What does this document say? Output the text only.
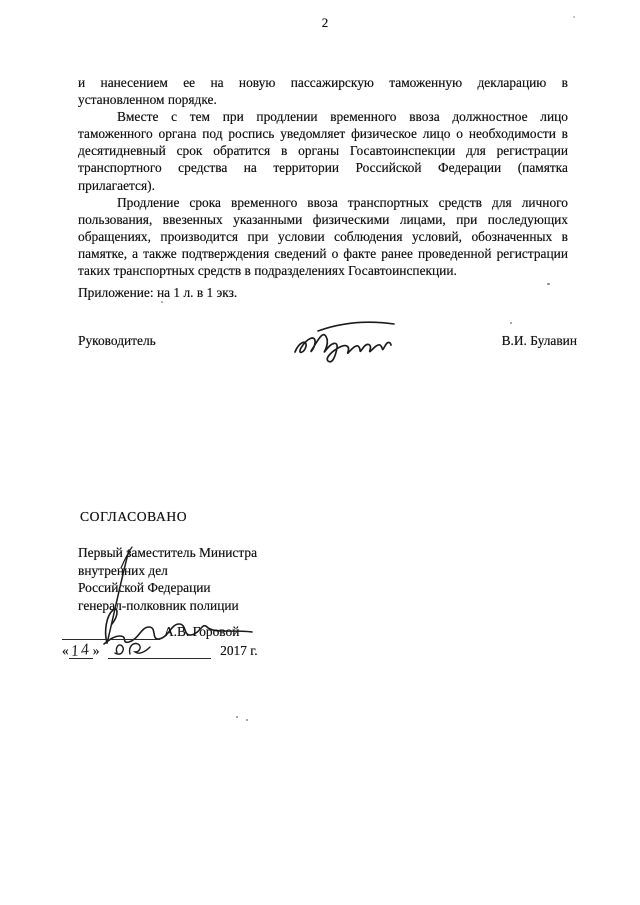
2
и нанесением ее на новую пассажирскую таможенную декларацию в
установленном порядке.
Вместе с тем при продлении временного ввоза должностное лицо
таможенного органа под роспись уведомляет физическое лицо о необходимости в
десятидневный срок обратится в органы Госавтоинспекции для регистрации
транспортного средства на территории Российской Федерации (памятка
прилагается).
Продление срока временного ввоза транспортных средств для личного
пользования, ввезенных указанными физическими лицами, при последующих
обращениях, производится при условии соблюдения условий, обозначенных в
памятке, а также подтверждения сведений о факте ранее проведенной регистрации
таких транспортных средств в подразделениях Госавтоинспекции.
Приложение: на 1 л. в 1 экз.
Руководитель	В.И. Булавин
СОГЛАСОВАНО
Первый заместитель Министра
внутренних дел
Российской Федерации
генерал-полковник полиции
А.В. Горовой
« 14 »	2017 г.
